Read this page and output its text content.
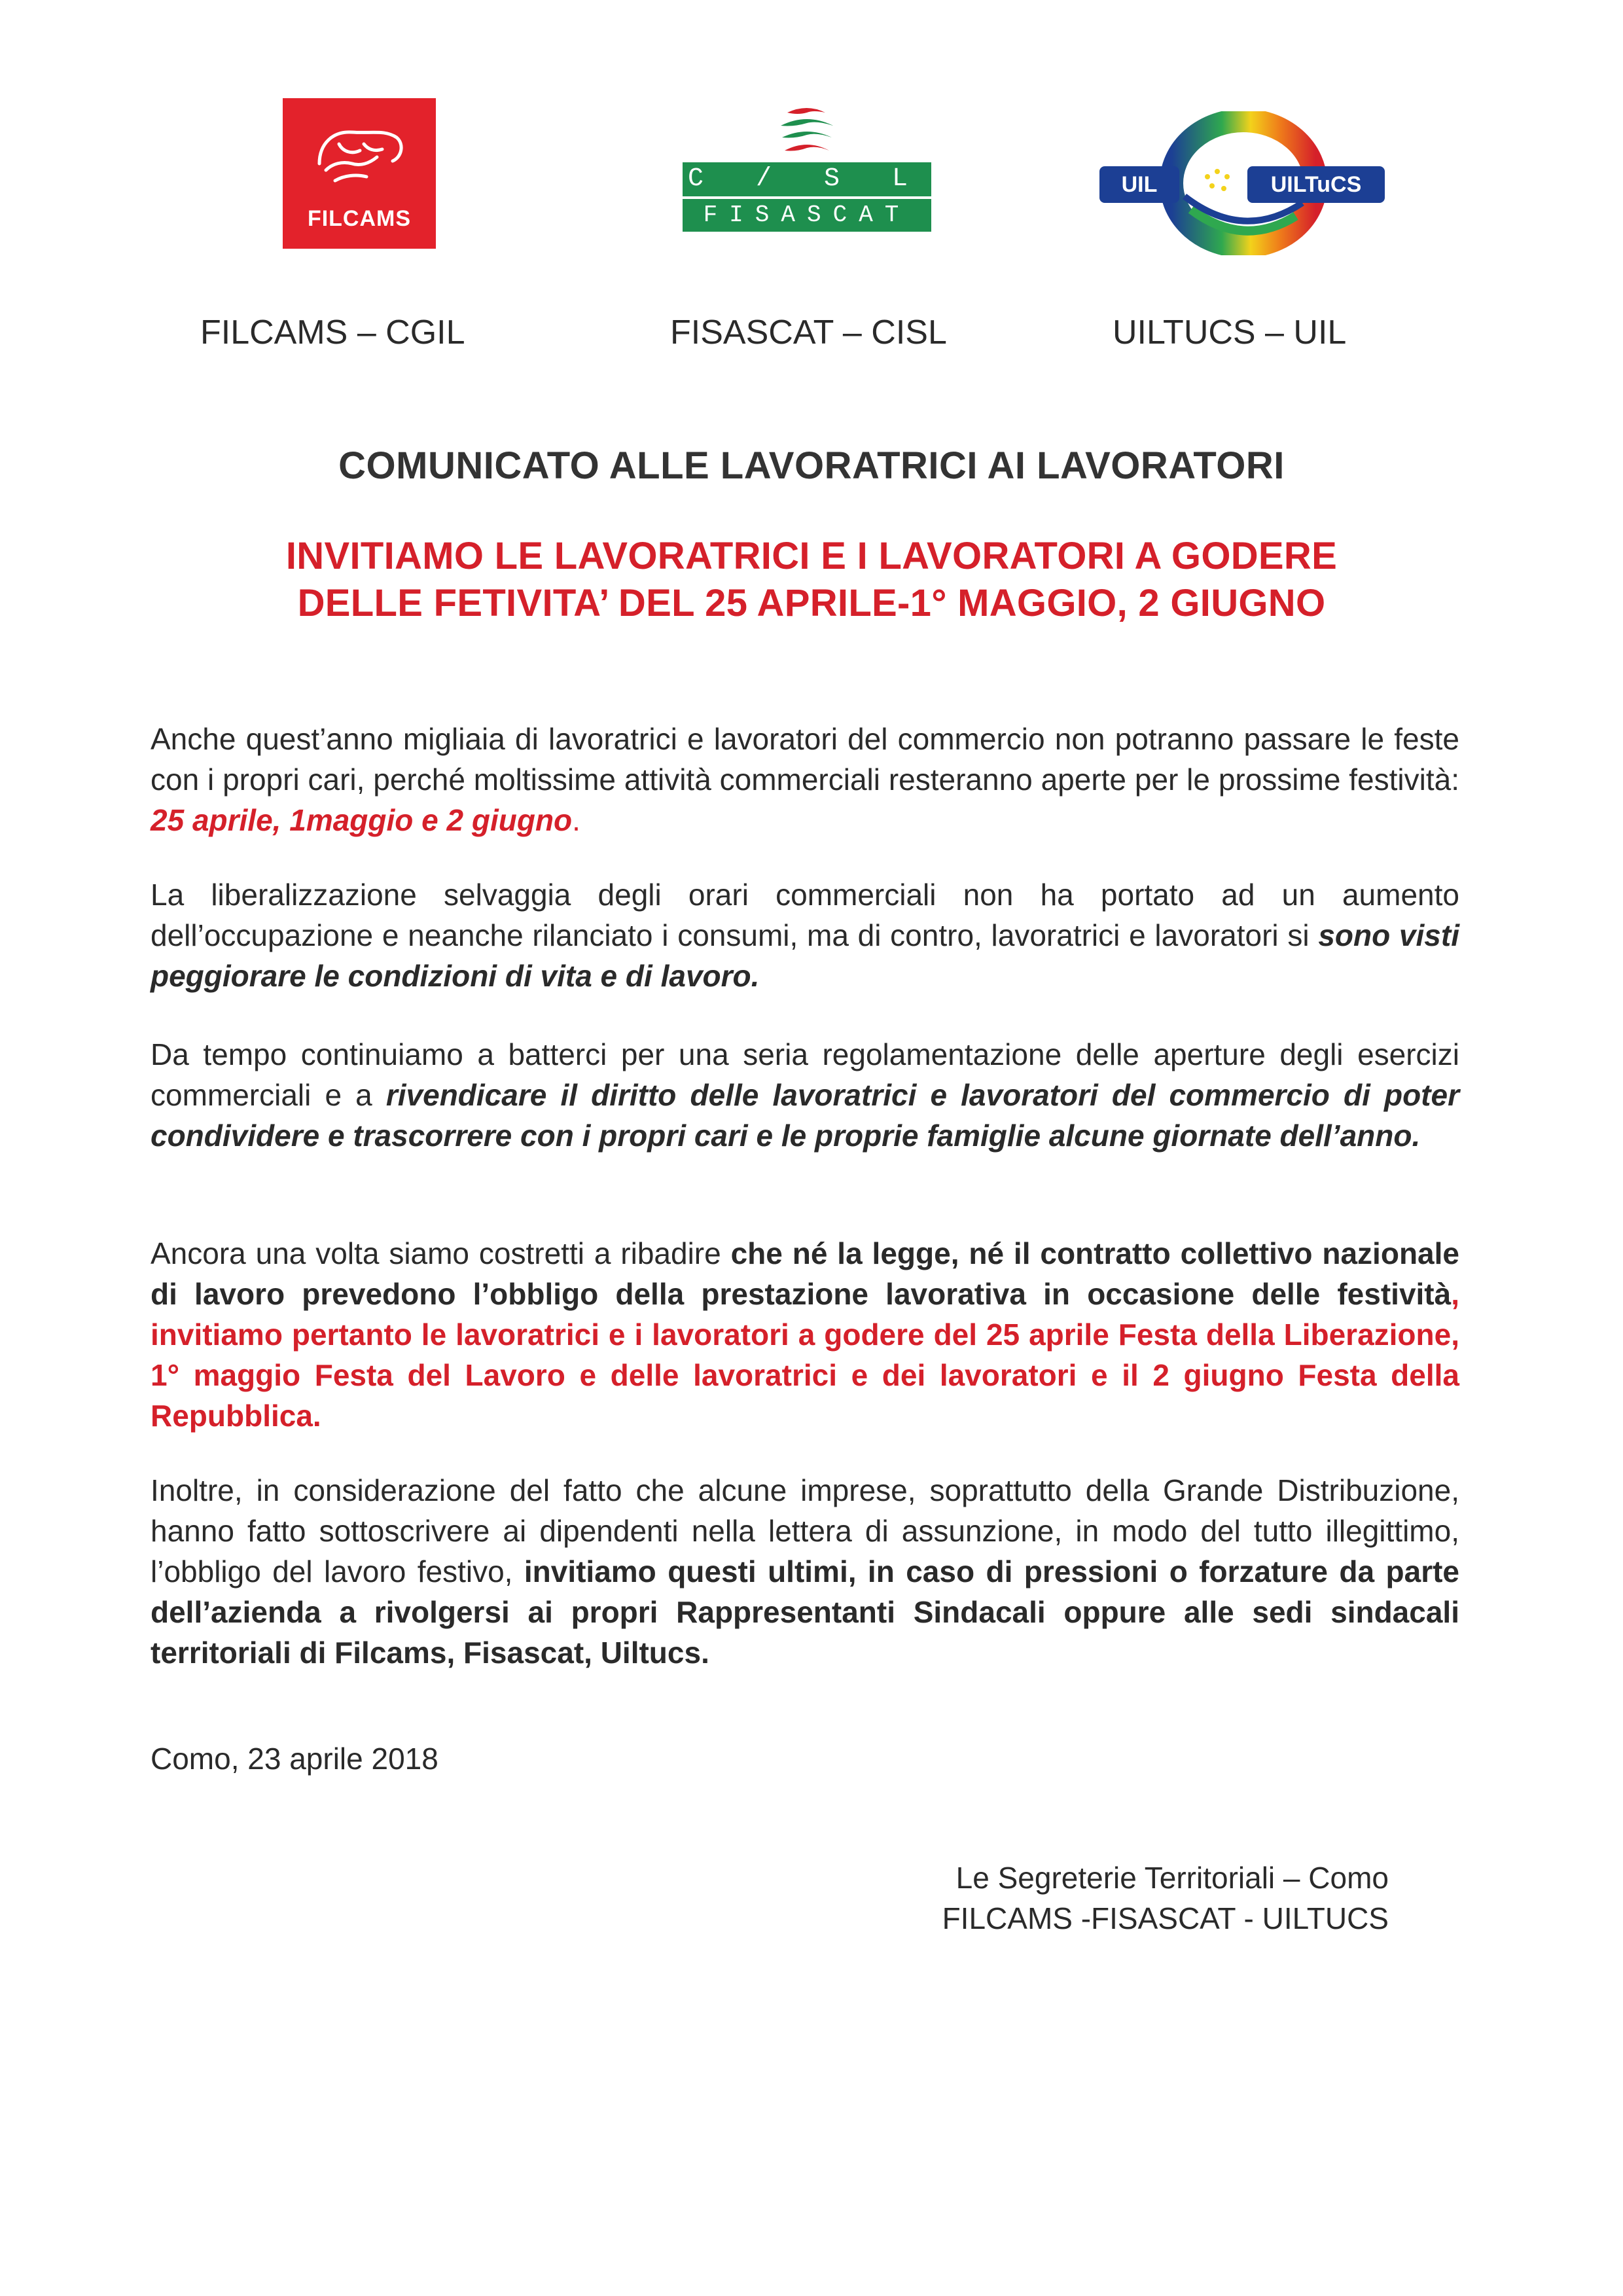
FILCAMS
C / S L
FISASCAT
UIL	UILTuCS
FILCAMS – CGIL	FISASCAT – CISL	UILTUCS – UIL
COMUNICATO ALLE LAVORATRICI AI LAVORATORI
INVITIAMO LE LAVORATRICI E I LAVORATORI A GODERE
DELLE FETIVITA’ DEL 25 APRILE-1° MAGGIO, 2 GIUGNO
Anche quest’anno migliaia di lavoratrici e lavoratori del commercio non potranno passare le feste con i propri cari, perché moltissime attività commerciali resteranno aperte per le prossime festività: 25 aprile, 1maggio e 2 giugno.
La liberalizzazione selvaggia degli orari commerciali non ha portato ad un aumento dell’occupazione e neanche rilanciato i consumi, ma di contro, lavoratrici e lavoratori si sono visti peggiorare le condizioni di vita e di lavoro.
Da tempo continuiamo a batterci per una seria regolamentazione delle aperture degli esercizi commerciali e a rivendicare il diritto delle lavoratrici e lavoratori del commercio di poter condividere e trascorrere con i propri cari e le proprie famiglie alcune giornate dell’anno.
Ancora una volta siamo costretti a ribadire che né la legge, né il contratto collettivo nazionale di lavoro prevedono l’obbligo della prestazione lavorativa in occasione delle festività, invitiamo pertanto le lavoratrici e i lavoratori a godere del 25 aprile Festa della Liberazione, 1° maggio Festa del Lavoro e delle lavoratrici e dei lavoratori e il 2 giugno Festa della Repubblica.
Inoltre, in considerazione del fatto che alcune imprese, soprattutto della Grande Distribuzione, hanno fatto sottoscrivere ai dipendenti nella lettera di assunzione, in modo del tutto illegittimo, l’obbligo del lavoro festivo, invitiamo questi ultimi, in caso di pressioni o forzature da parte dell’azienda a rivolgersi ai propri Rappresentanti Sindacali oppure alle sedi sindacali territoriali di Filcams, Fisascat, Uiltucs.
Como, 23 aprile 2018
Le Segreterie Territoriali – Como
FILCAMS -FISASCAT - UILTUCS
